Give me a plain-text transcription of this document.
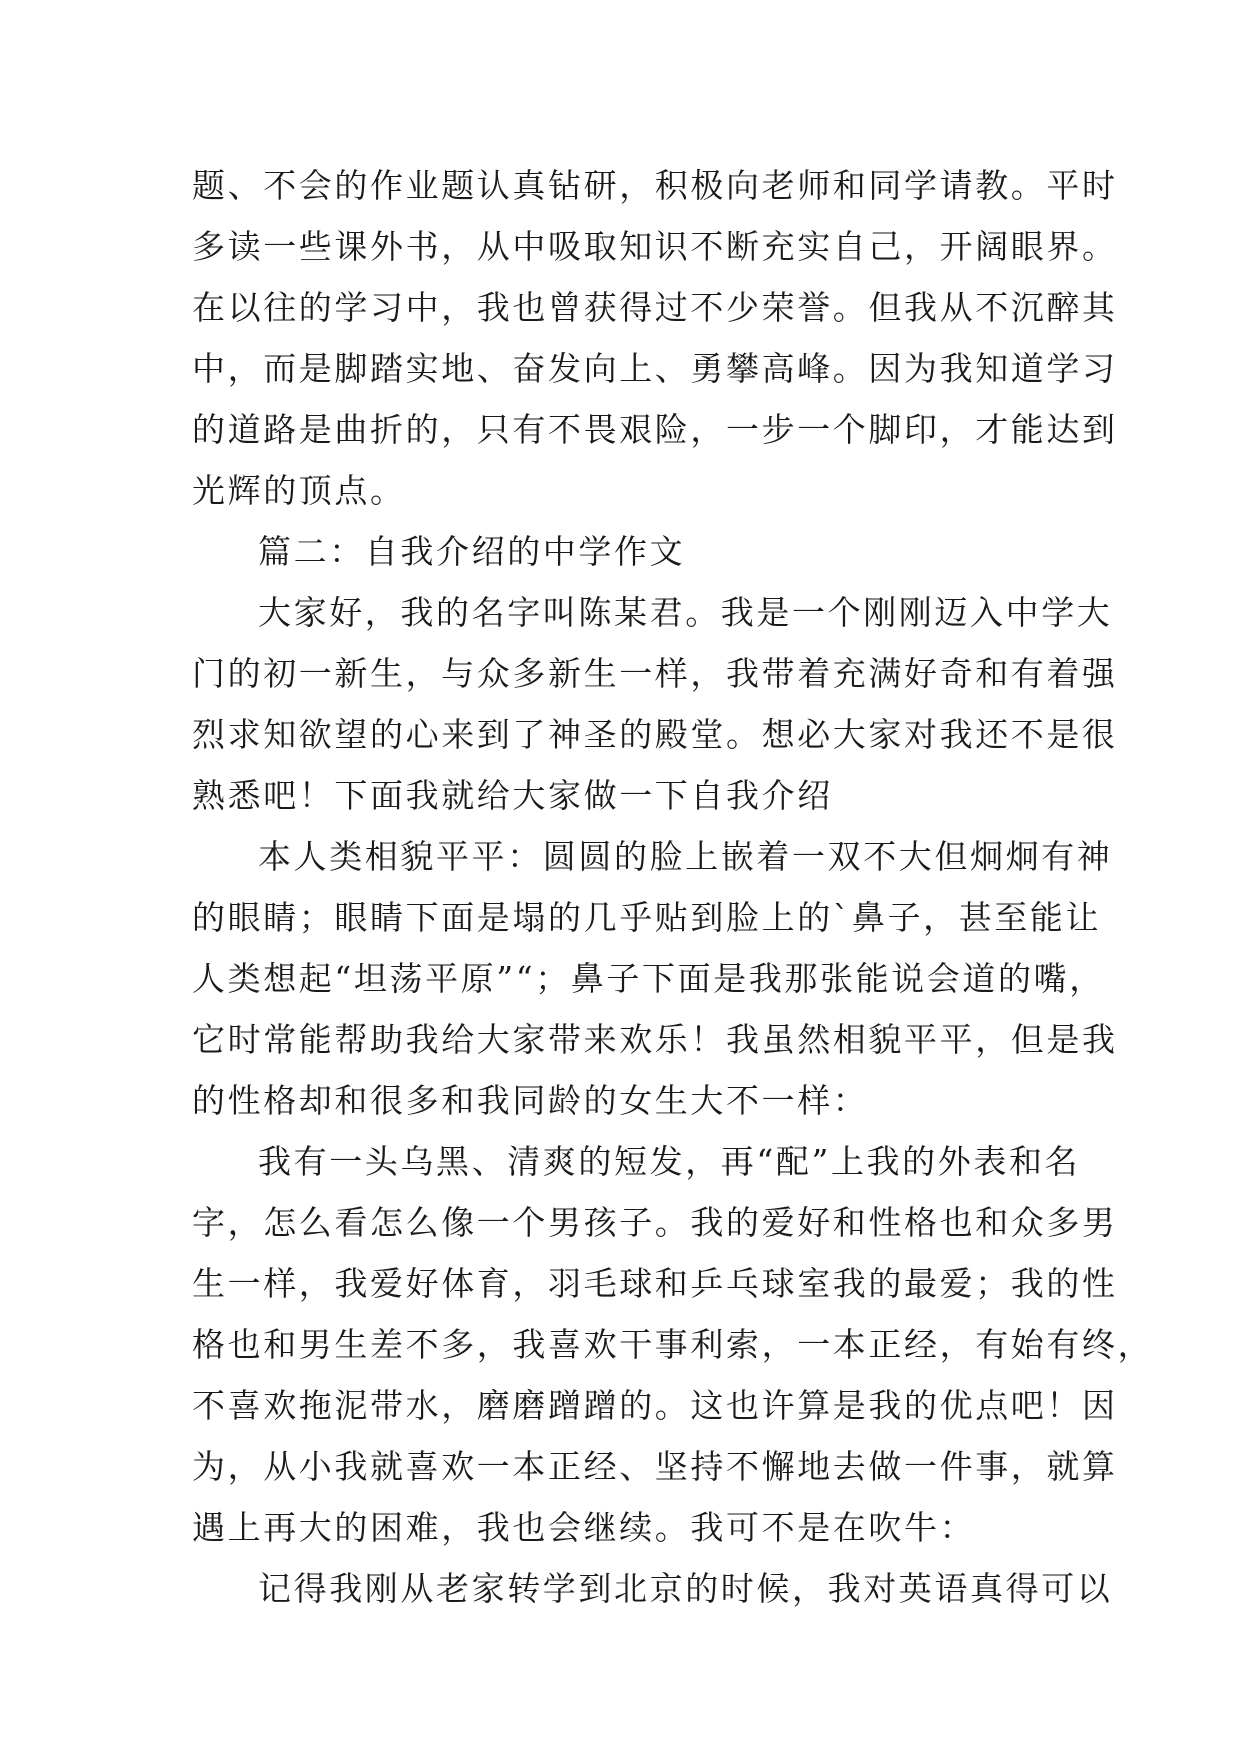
题、不会的作业题认真钻研，积极向老师和同学请教。平时
多读一些课外书，从中吸取知识不断充实自己，开阔眼界。
在以往的学习中，我也曾获得过不少荣誉。但我从不沉醉其
中，而是脚踏实地、奋发向上、勇攀高峰。因为我知道学习
的道路是曲折的，只有不畏艰险，一步一个脚印，才能达到
光辉的顶点。
篇二：自我介绍的中学作文
大家好，我的名字叫陈某君。我是一个刚刚迈入中学大
门的初一新生，与众多新生一样，我带着充满好奇和有着强
烈求知欲望的心来到了神圣的殿堂。想必大家对我还不是很
熟悉吧！下面我就给大家做一下自我介绍
本人类相貌平平：圆圆的脸上嵌着一双不大但炯炯有神
的眼睛；眼睛下面是塌的几乎贴到脸上的`鼻子，甚至能让
人类想起“坦荡平原”“；鼻子下面是我那张能说会道的嘴，
它时常能帮助我给大家带来欢乐！我虽然相貌平平，但是我
的性格却和很多和我同龄的女生大不一样：
我有一头乌黑、清爽的短发，再“配”上我的外表和名
字，怎么看怎么像一个男孩子。我的爱好和性格也和众多男
生一样，我爱好体育，羽毛球和乒乓球室我的最爱；我的性
格也和男生差不多，我喜欢干事利索，一本正经，有始有终，
不喜欢拖泥带水，磨磨蹭蹭的。这也许算是我的优点吧！因
为，从小我就喜欢一本正经、坚持不懈地去做一件事，就算
遇上再大的困难，我也会继续。我可不是在吹牛：
记得我刚从老家转学到北京的时候，我对英语真得可以
